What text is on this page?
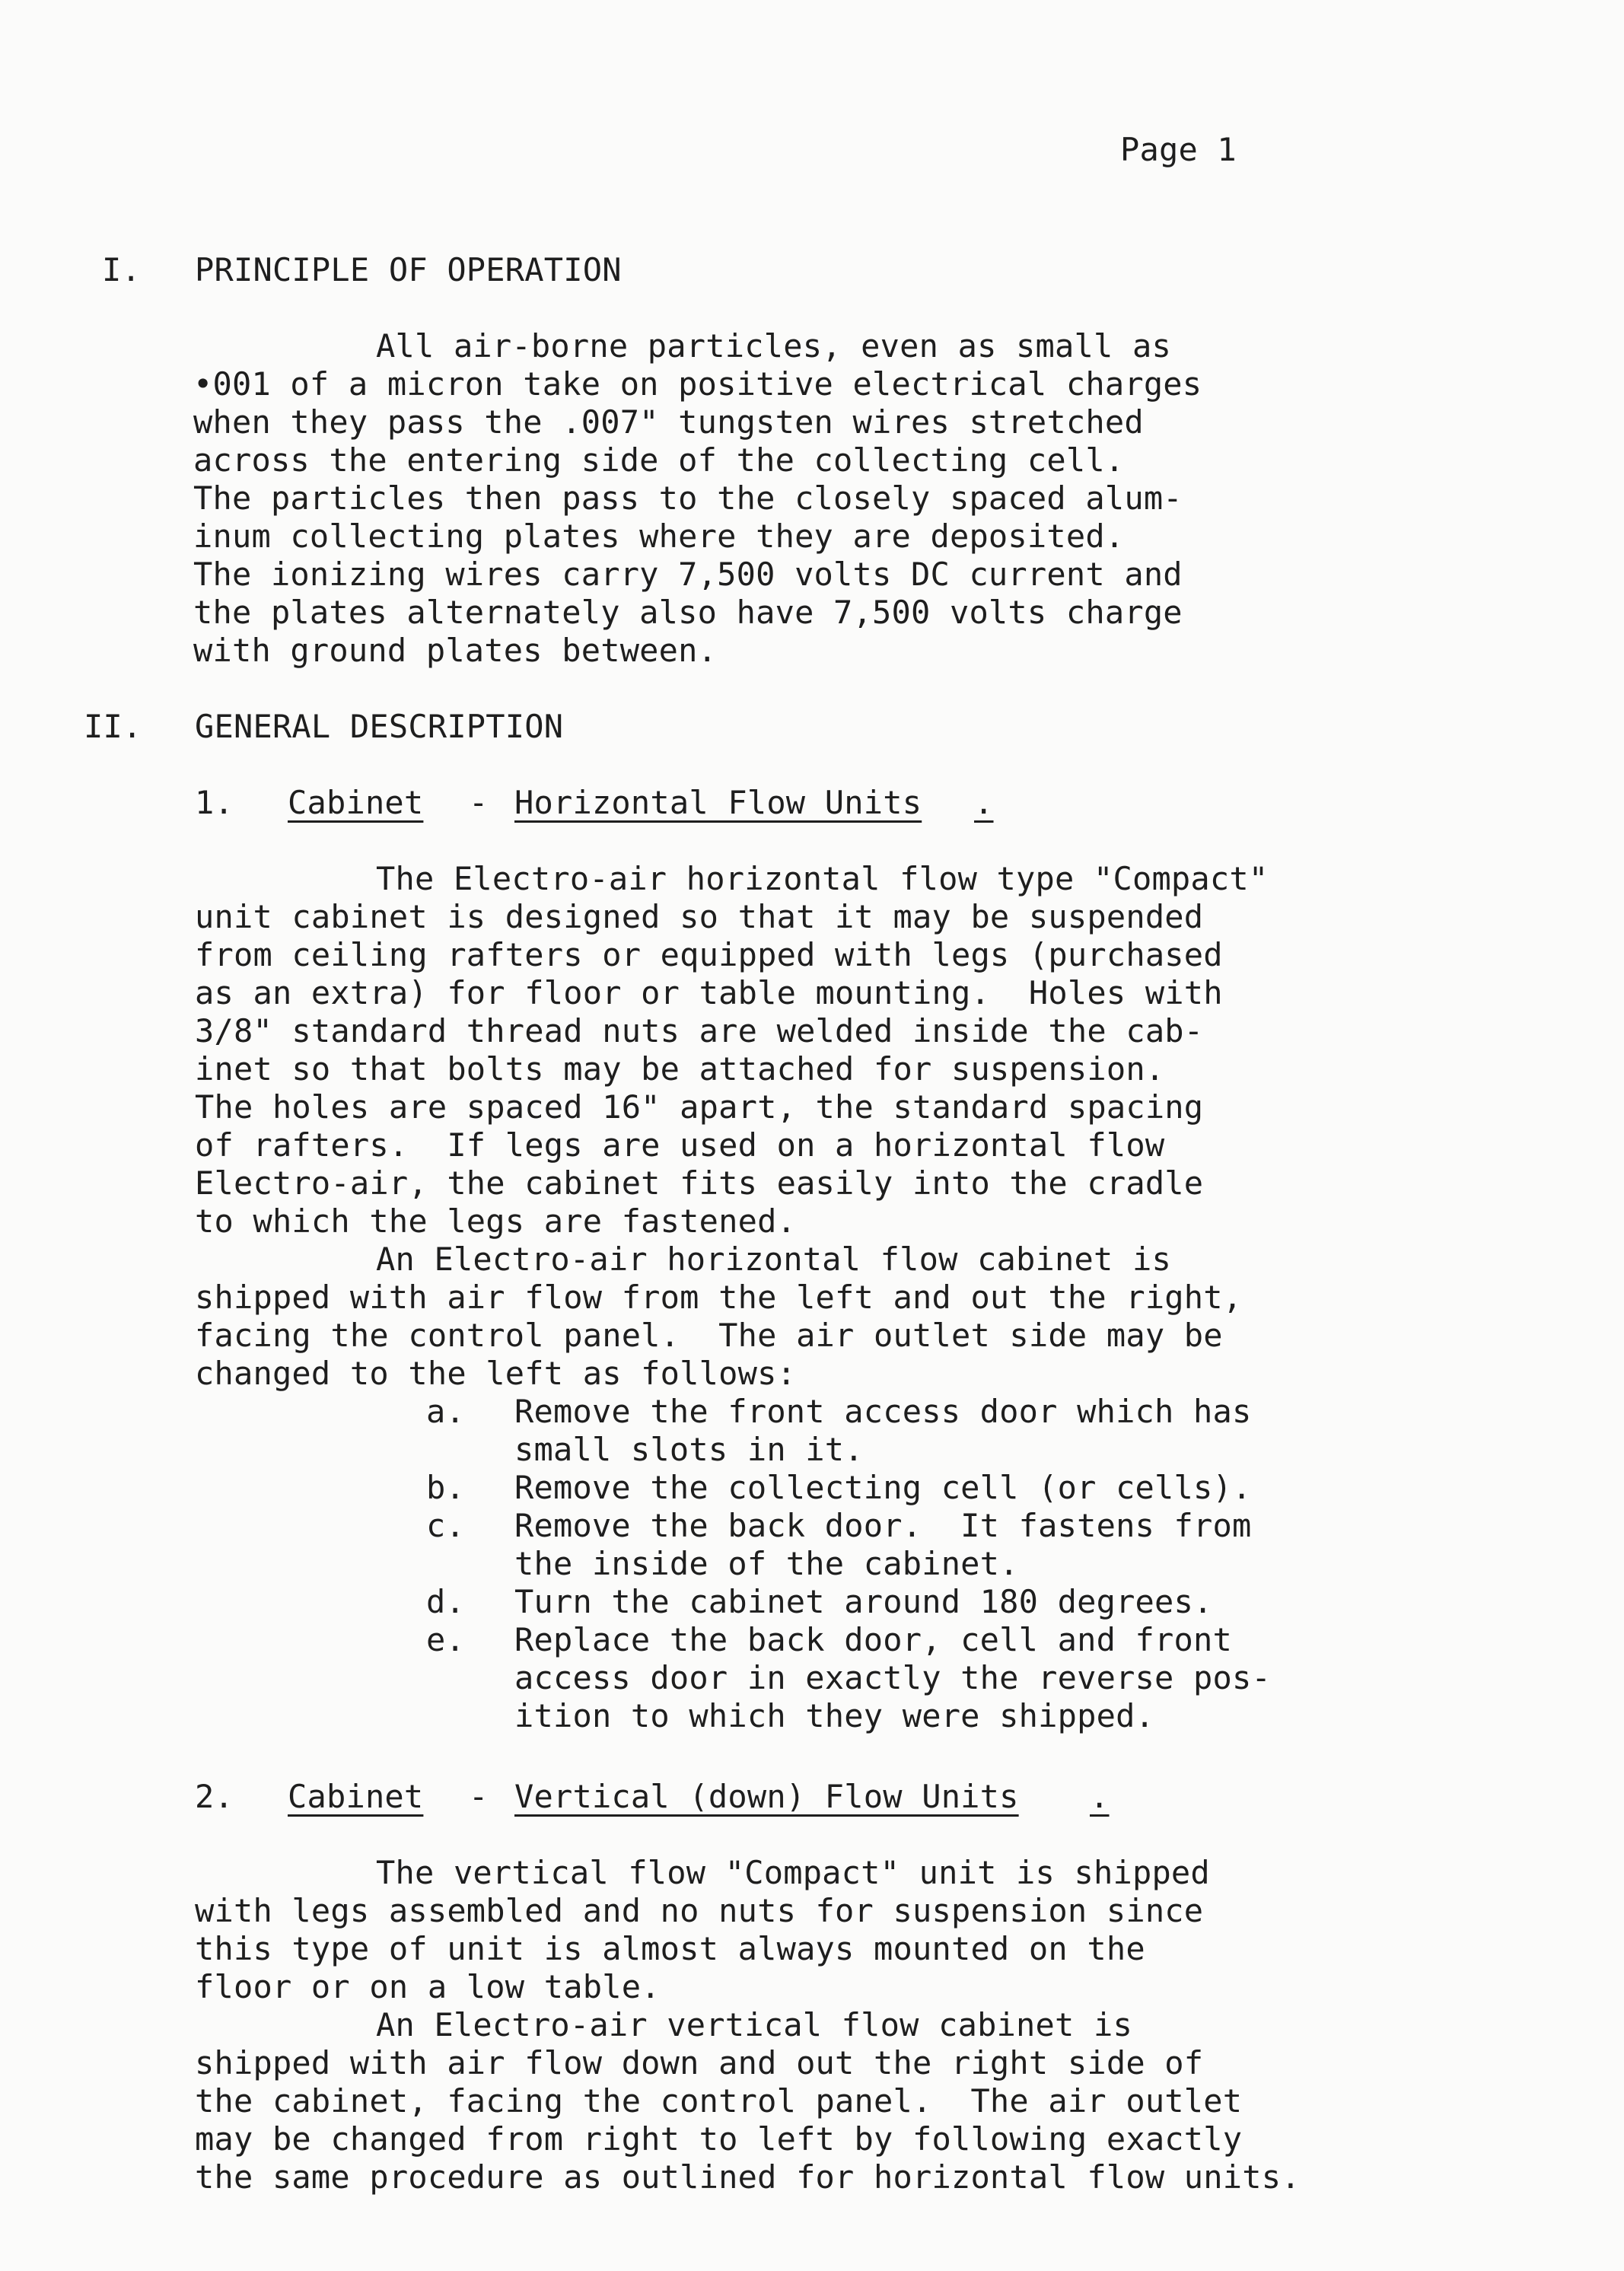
Page 1
I. PRINCIPLE OF OPERATION
All air-borne particles, even as small as
•001 of a micron take on positive electrical charges
when they pass the .007" tungsten wires stretched
across the entering side of the collecting cell.
The particles then pass to the closely spaced alum-
inum collecting plates where they are deposited.
The ionizing wires carry 7,500 volts DC current and
the plates alternately also have 7,500 volts charge
with ground plates between.
II. GENERAL DESCRIPTION
1. Cabinet - Horizontal Flow Units .
The Electro-air horizontal flow type "Compact"
unit cabinet is designed so that it may be suspended
from ceiling rafters or equipped with legs (purchased
as an extra) for floor or table mounting.  Holes with
3/8" standard thread nuts are welded inside the cab-
inet so that bolts may be attached for suspension.
The holes are spaced 16" apart, the standard spacing
of rafters.  If legs are used on a horizontal flow
Electro-air, the cabinet fits easily into the cradle
to which the legs are fastened.
An Electro-air horizontal flow cabinet is
shipped with air flow from the left and out the right,
facing the control panel.  The air outlet side may be
changed to the left as follows:
a. Remove the front access door which has
small slots in it.
b. Remove the collecting cell (or cells).
c. Remove the back door.  It fastens from
the inside of the cabinet.
d. Turn the cabinet around 180 degrees.
e. Replace the back door, cell and front
access door in exactly the reverse pos-
ition to which they were shipped.
2. Cabinet - Vertical (down) Flow Units .
The vertical flow "Compact" unit is shipped
with legs assembled and no nuts for suspension since
this type of unit is almost always mounted on the
floor or on a low table.
An Electro-air vertical flow cabinet is
shipped with air flow down and out the right side of
the cabinet, facing the control panel.  The air outlet
may be changed from right to left by following exactly
the same procedure as outlined for horizontal flow units.
